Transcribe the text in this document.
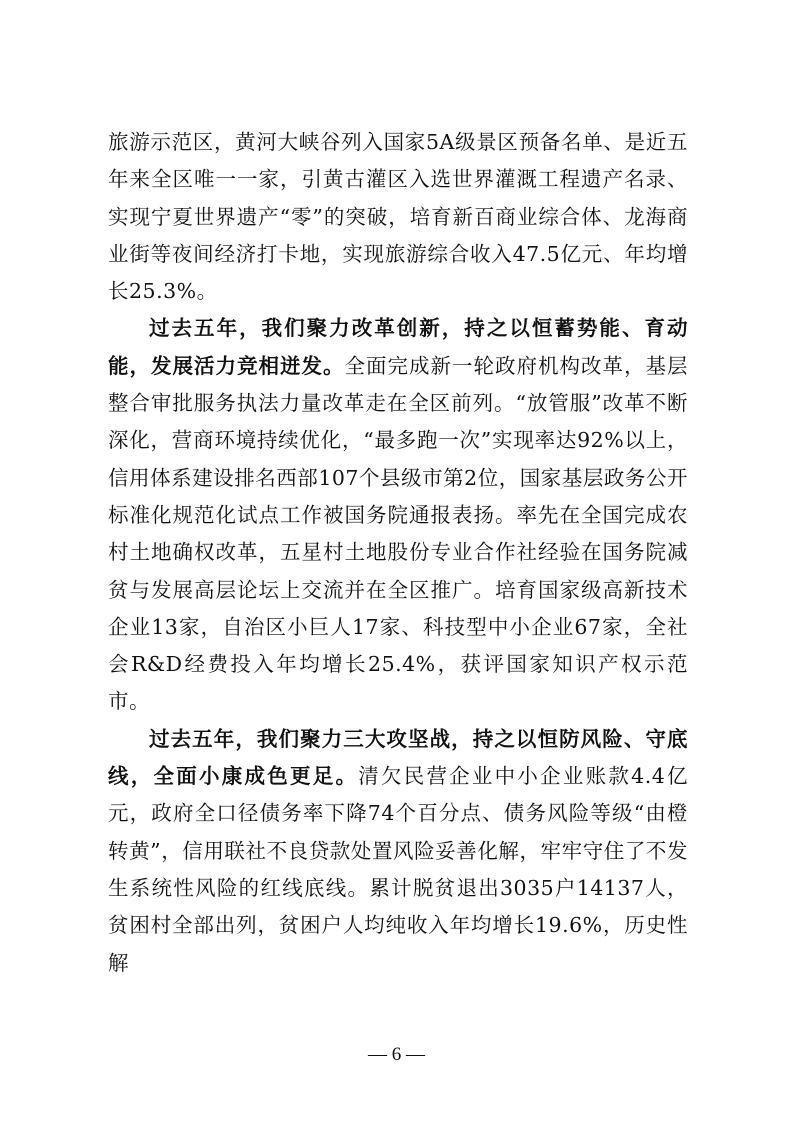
旅游示范区，黄河大峡谷列入国家5A级景区预备名单、是近五年来全区唯一一家，引黄古灌区入选世界灌溉工程遗产名录、实现宁夏世界遗产“零”的突破，培育新百商业综合体、龙海商业街等夜间经济打卡地，实现旅游综合收入47.5亿元、年均增长25.3%。

过去五年，我们聚力改革创新，持之以恒蓄势能、育动能，发展活力竞相迸发。全面完成新一轮政府机构改革，基层整合审批服务执法力量改革走在全区前列。“放管服”改革不断深化，营商环境持续优化，“最多跑一次”实现率达92%以上，信用体系建设排名西部107个县级市第2位，国家基层政务公开标准化规范化试点工作被国务院通报表扬。率先在全国完成农村土地确权改革，五星村土地股份专业合作社经验在国务院减贫与发展高层论坛上交流并在全区推广。培育国家级高新技术企业13家，自治区小巨人17家、科技型中小企业67家，全社会R&D经费投入年均增长25.4%，获评国家知识产权示范市。

过去五年，我们聚力三大攻坚战，持之以恒防风险、守底线，全面小康成色更足。清欠民营企业中小企业账款4.4亿元，政府全口径债务率下降74个百分点、债务风险等级“由橙转黄”，信用联社不良贷款处置风险妥善化解，牢牢守住了不发生系统性风险的红线底线。累计脱贫退出3035户14137人，贫困村全部出列，贫困户人均纯收入年均增长19.6%，历史性解

— 6 —
